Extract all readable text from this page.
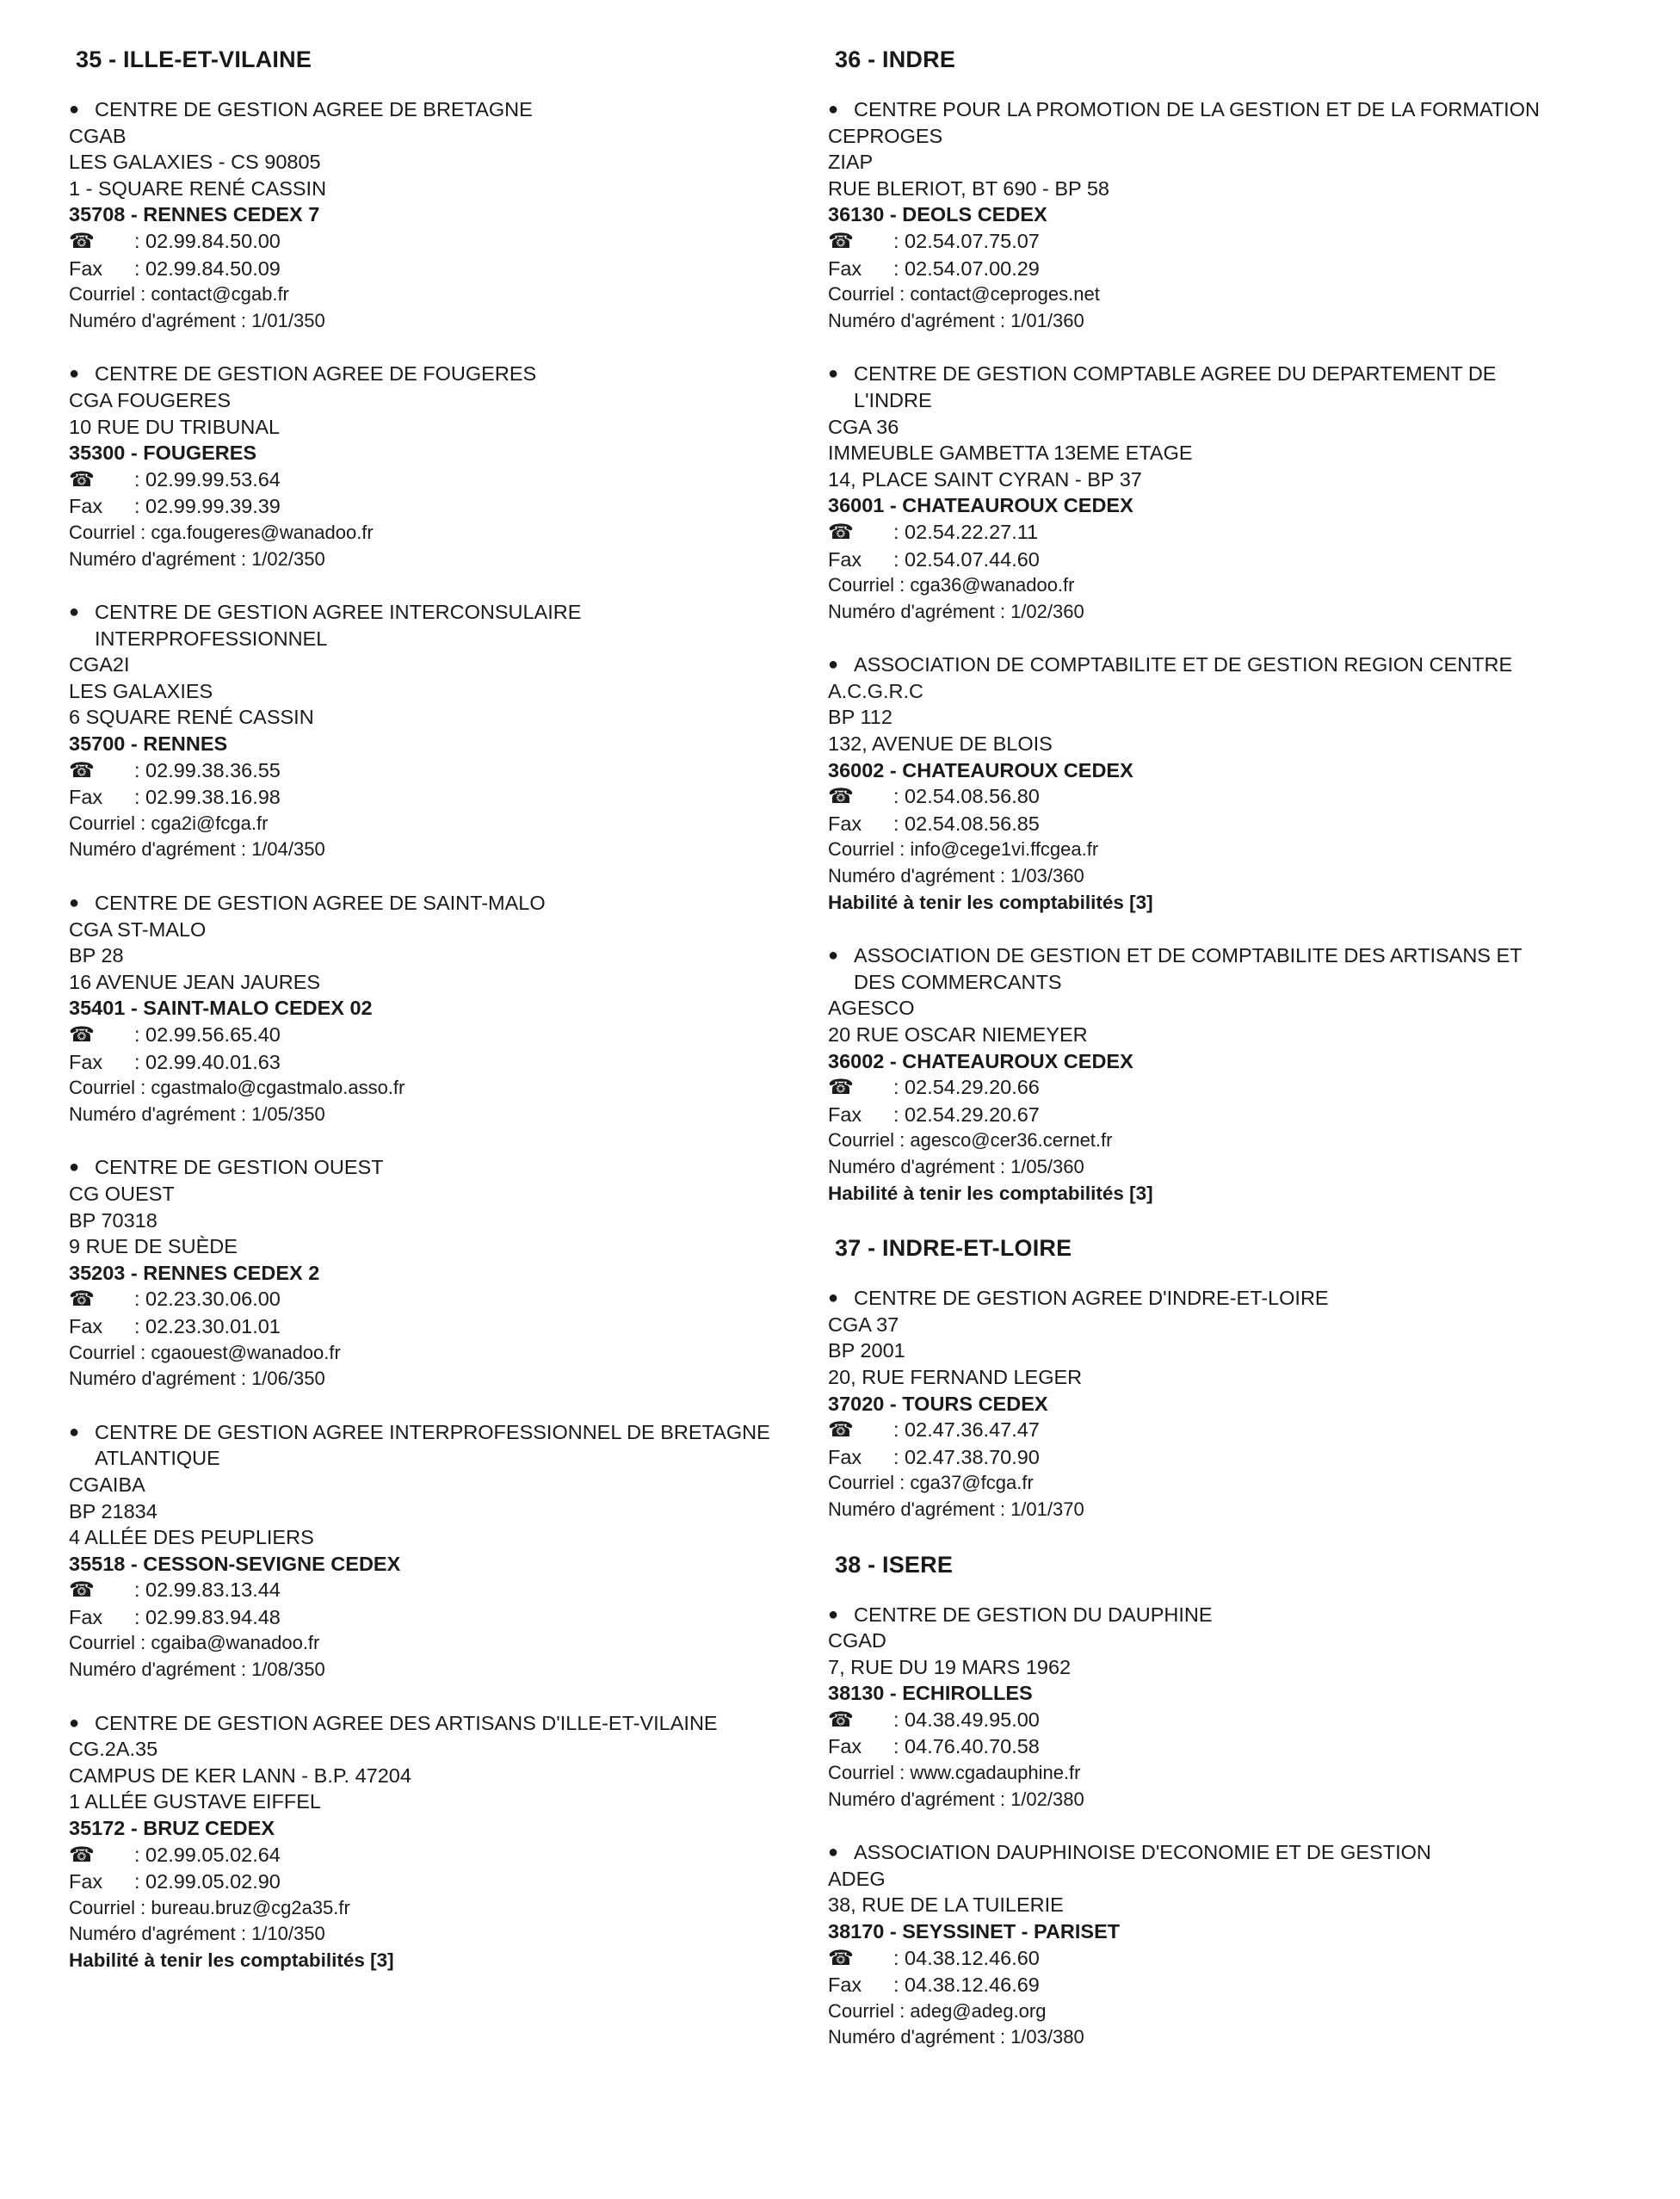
35 - ILLE-ET-VILAINE
● CENTRE DE GESTION AGREE DE BRETAGNE
CGAB
LES GALAXIES - CS 90805
1 - SQUARE RENÉ CASSIN
35708 - RENNES CEDEX 7
☎ : 02.99.84.50.00
Fax : 02.99.84.50.09
Courriel : contact@cgab.fr
Numéro d'agrément : 1/01/350
● CENTRE DE GESTION AGREE DE FOUGERES
CGA FOUGERES
10 RUE DU TRIBUNAL
35300 - FOUGERES
☎ : 02.99.99.53.64
Fax : 02.99.99.39.39
Courriel : cga.fougeres@wanadoo.fr
Numéro d'agrément : 1/02/350
● CENTRE DE GESTION AGREE INTERCONSULAIRE INTERPROFESSIONNEL
CGA2I
LES GALAXIES
6 SQUARE RENÉ CASSIN
35700 - RENNES
☎ : 02.99.38.36.55
Fax : 02.99.38.16.98
Courriel : cga2i@fcga.fr
Numéro d'agrément : 1/04/350
● CENTRE DE GESTION AGREE DE SAINT-MALO
CGA ST-MALO
BP 28
16 AVENUE JEAN JAURES
35401 - SAINT-MALO CEDEX 02
☎ : 02.99.56.65.40
Fax : 02.99.40.01.63
Courriel : cgastmalo@cgastmalo.asso.fr
Numéro d'agrément : 1/05/350
● CENTRE DE GESTION OUEST
CG OUEST
BP 70318
9 RUE DE SUÈDE
35203 - RENNES CEDEX 2
☎ : 02.23.30.06.00
Fax : 02.23.30.01.01
Courriel : cgaouest@wanadoo.fr
Numéro d'agrément : 1/06/350
● CENTRE DE GESTION AGREE INTERPROFESSIONNEL DE BRETAGNE ATLANTIQUE
CGAIBA
BP 21834
4 ALLÉE DES PEUPLIERS
35518 - CESSON-SEVIGNE CEDEX
☎ : 02.99.83.13.44
Fax : 02.99.83.94.48
Courriel : cgaiba@wanadoo.fr
Numéro d'agrément : 1/08/350
● CENTRE DE GESTION AGREE DES ARTISANS D'ILLE-ET-VILAINE
CG.2A.35
CAMPUS DE KER LANN - B.P. 47204
1 ALLÉE GUSTAVE EIFFEL
35172 - BRUZ CEDEX
☎ : 02.99.05.02.64
Fax : 02.99.05.02.90
Courriel : bureau.bruz@cg2a35.fr
Numéro d'agrément : 1/10/350
Habilité à tenir les comptabilités [3]
36 - INDRE
● CENTRE POUR LA PROMOTION DE LA GESTION ET DE LA FORMATION
CEPROGES
ZIAP
RUE BLERIOT, BT 690 - BP 58
36130 - DEOLS CEDEX
☎ : 02.54.07.75.07
Fax : 02.54.07.00.29
Courriel : contact@ceproges.net
Numéro d'agrément : 1/01/360
● CENTRE DE GESTION COMPTABLE AGREE DU DEPARTEMENT DE L'INDRE
CGA 36
IMMEUBLE GAMBETTA 13EME ETAGE
14, PLACE SAINT CYRAN - BP 37
36001 - CHATEAUROUX CEDEX
☎ : 02.54.22.27.11
Fax : 02.54.07.44.60
Courriel : cga36@wanadoo.fr
Numéro d'agrément : 1/02/360
● ASSOCIATION DE COMPTABILITE ET DE GESTION REGION CENTRE
A.C.G.R.C
BP 112
132, AVENUE DE BLOIS
36002 - CHATEAUROUX CEDEX
☎ : 02.54.08.56.80
Fax : 02.54.08.56.85
Courriel : info@cege1vi.ffcgea.fr
Numéro d'agrément : 1/03/360
Habilité à tenir les comptabilités [3]
● ASSOCIATION DE GESTION ET DE COMPTABILITE DES ARTISANS ET DES COMMERCANTS
AGESCO
20 RUE OSCAR NIEMEYER
36002 - CHATEAUROUX CEDEX
☎ : 02.54.29.20.66
Fax : 02.54.29.20.67
Courriel : agesco@cer36.cernet.fr
Numéro d'agrément : 1/05/360
Habilité à tenir les comptabilités [3]
37 - INDRE-ET-LOIRE
● CENTRE DE GESTION AGREE D'INDRE-ET-LOIRE
CGA 37
BP 2001
20, RUE FERNAND LEGER
37020 - TOURS CEDEX
☎ : 02.47.36.47.47
Fax : 02.47.38.70.90
Courriel : cga37@fcga.fr
Numéro d'agrément : 1/01/370
38 - ISERE
● CENTRE DE GESTION DU DAUPHINE
CGAD
7, RUE DU 19 MARS 1962
38130 - ECHIROLLES
☎ : 04.38.49.95.00
Fax : 04.76.40.70.58
Courriel : www.cgadauphine.fr
Numéro d'agrément : 1/02/380
● ASSOCIATION DAUPHINOISE D'ECONOMIE ET DE GESTION
ADEG
38, RUE DE LA TUILERIE
38170 - SEYSSINET - PARISET
☎ : 04.38.12.46.60
Fax : 04.38.12.46.69
Courriel : adeg@adeg.org
Numéro d'agrément : 1/03/380
